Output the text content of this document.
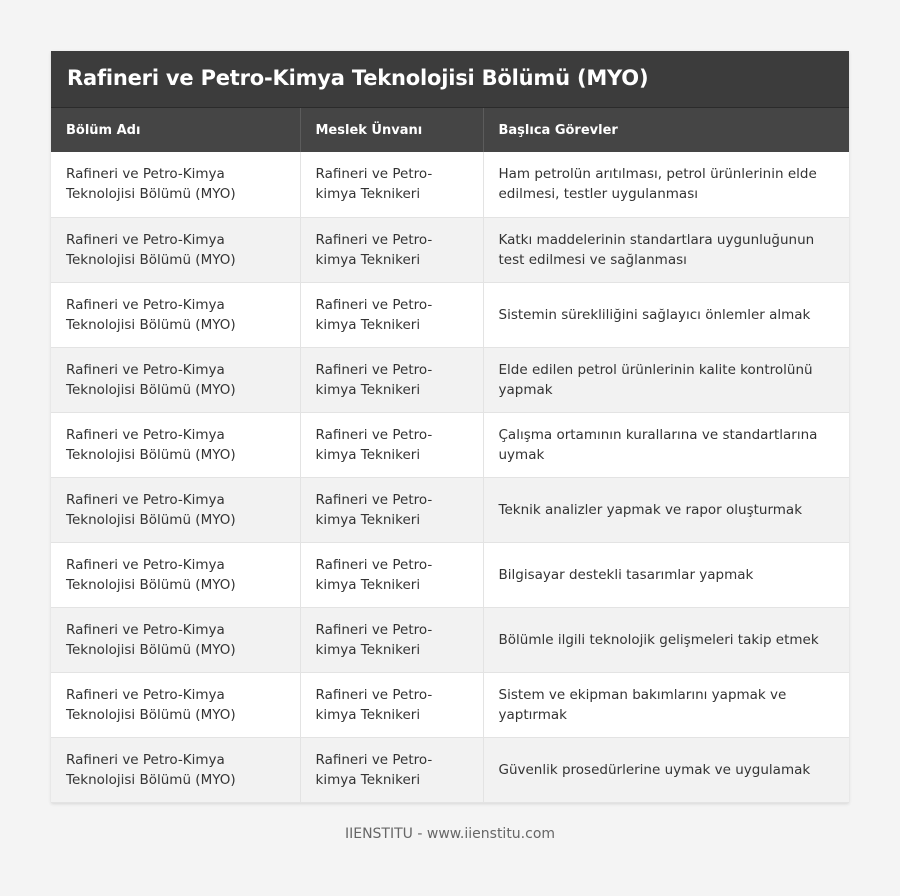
Rafineri ve Petro-Kimya Teknolojisi Bölümü (MYO)
Bölüm Adı	Meslek Ünvanı	Başlıca Görevler
Rafineri ve Petro-Kimya Teknolojisi Bölümü (MYO)	Rafineri ve Petro-kimya Teknikeri	Ham petrolün arıtılması, petrol ürünlerinin elde edilmesi, testler uygulanması
Rafineri ve Petro-Kimya Teknolojisi Bölümü (MYO)	Rafineri ve Petro-kimya Teknikeri	Katkı maddelerinin standartlara uygunluğunun test edilmesi ve sağlanması
Rafineri ve Petro-Kimya Teknolojisi Bölümü (MYO)	Rafineri ve Petro-kimya Teknikeri	Sistemin sürekliliğini sağlayıcı önlemler almak
Rafineri ve Petro-Kimya Teknolojisi Bölümü (MYO)	Rafineri ve Petro-kimya Teknikeri	Elde edilen petrol ürünlerinin kalite kontrolünü yapmak
Rafineri ve Petro-Kimya Teknolojisi Bölümü (MYO)	Rafineri ve Petro-kimya Teknikeri	Çalışma ortamının kurallarına ve standartlarına uymak
Rafineri ve Petro-Kimya Teknolojisi Bölümü (MYO)	Rafineri ve Petro-kimya Teknikeri	Teknik analizler yapmak ve rapor oluşturmak
Rafineri ve Petro-Kimya Teknolojisi Bölümü (MYO)	Rafineri ve Petro-kimya Teknikeri	Bilgisayar destekli tasarımlar yapmak
Rafineri ve Petro-Kimya Teknolojisi Bölümü (MYO)	Rafineri ve Petro-kimya Teknikeri	Bölümle ilgili teknolojik gelişmeleri takip etmek
Rafineri ve Petro-Kimya Teknolojisi Bölümü (MYO)	Rafineri ve Petro-kimya Teknikeri	Sistem ve ekipman bakımlarını yapmak ve yaptırmak
Rafineri ve Petro-Kimya Teknolojisi Bölümü (MYO)	Rafineri ve Petro-kimya Teknikeri	Güvenlik prosedürlerine uymak ve uygulamak
IIENSTITU - www.iienstitu.com
